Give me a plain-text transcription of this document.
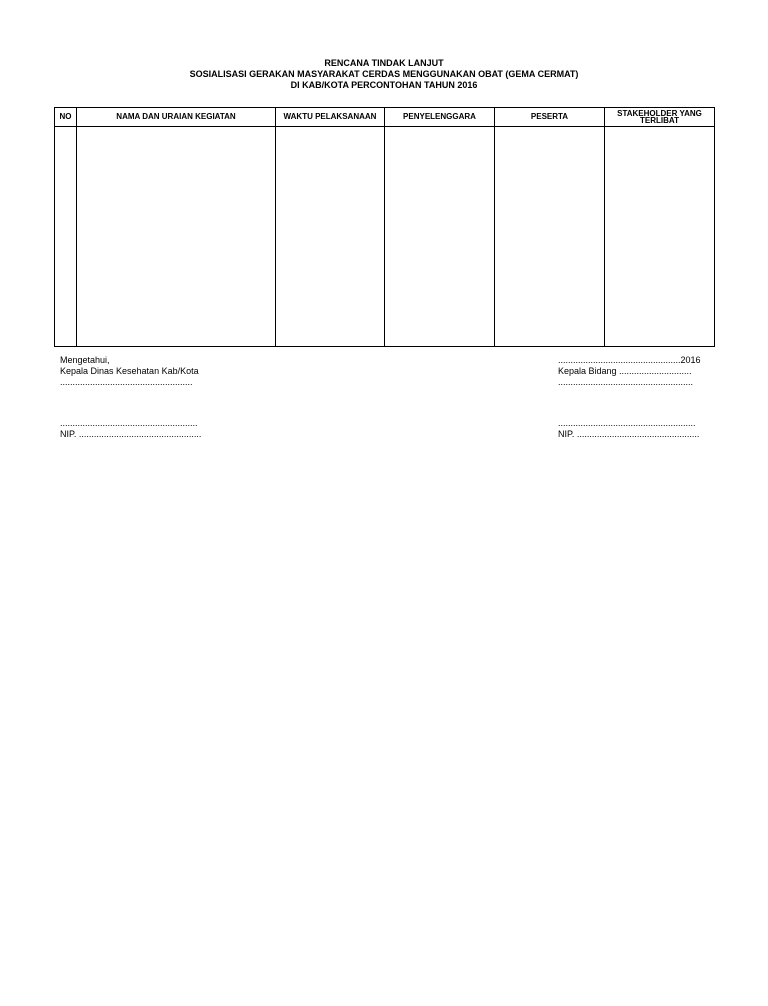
RENCANA TINDAK LANJUT
SOSIALISASI GERAKAN MASYARAKAT CERDAS MENGGUNAKAN OBAT (GEMA CERMAT)
DI KAB/KOTA PERCONTOHAN TAHUN 2016
NO	NAMA DAN URAIAN KEGIATAN	WAKTU PELAKSANAAN	PENYELENGGARA	PESERTA	STAKEHOLDER YANG TERLIBAT

Mengetahui,
Kepala Dinas Kesehatan Kab/Kota
.....................................................
.......................................................
NIP. .................................................
.................................................2016
Kepala Bidang .............................
......................................................
.......................................................
NIP. .................................................
